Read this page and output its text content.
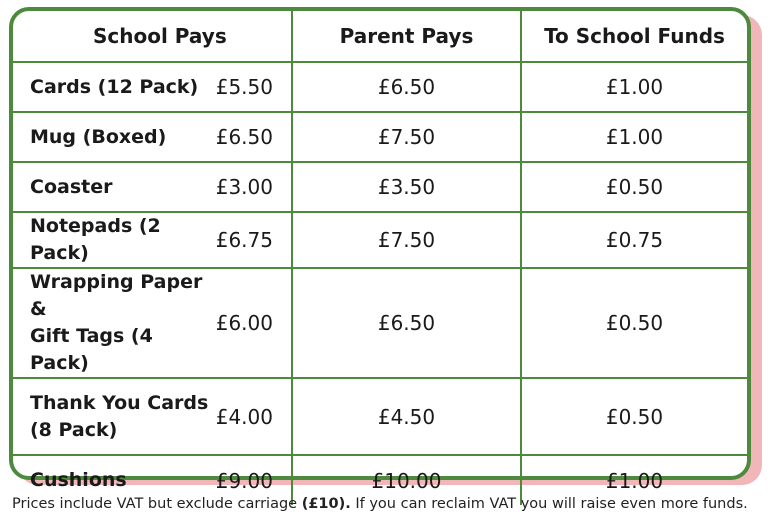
School Pays	Parent Pays	To School Funds

Cards (12 Pack) £5.50	£6.50	£1.00

Mug (Boxed) £6.50	£7.50	£1.00

Coaster £3.00	£3.50	£0.50

Notepads (2 Pack)
£6.75	£7.50	£0.75

Wrapping Paper &
Gift Tags (4 Pack)
£6.00	£6.50	£0.50

Thank You Cards
(8 Pack)
£4.00	£4.50	£0.50

Cushions £9.00	£10.00	£1.00
Prices include VAT but exclude carriage (£10). If you can reclaim VAT you will raise even more funds.
